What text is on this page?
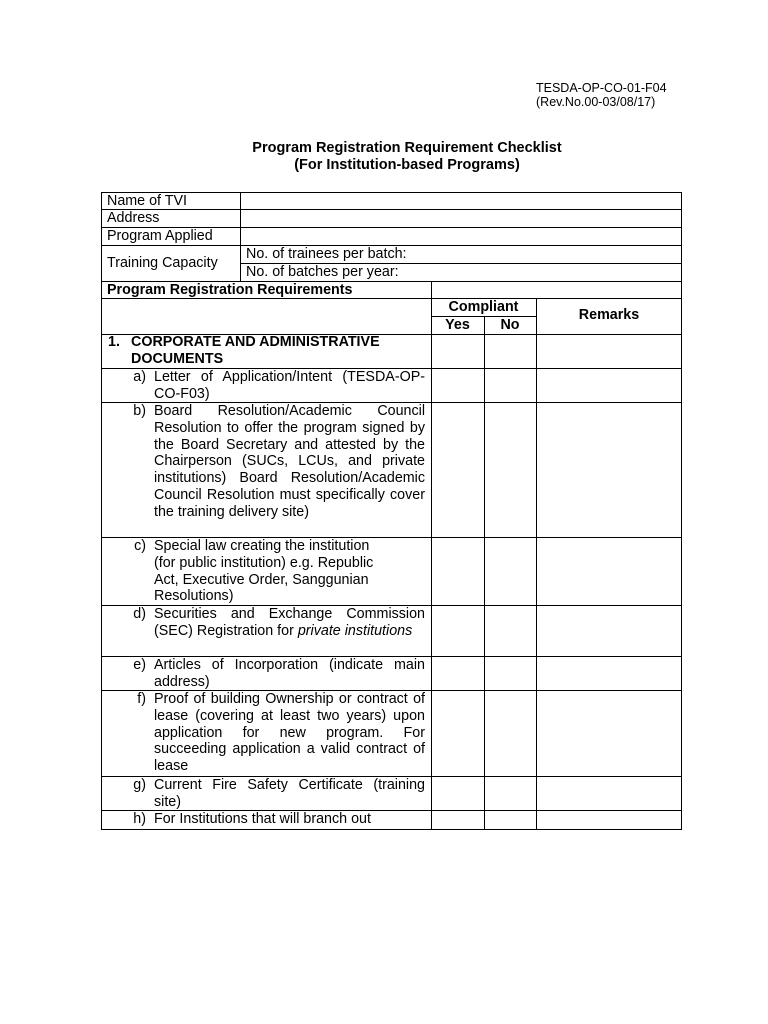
TESDA-OP-CO-01-F04
(Rev.No.00-03/08/17)
Program Registration Requirement Checklist
(For Institution-based Programs)
Name of TVI
Address
Program Applied
Training Capacity
No. of trainees per batch:
No. of batches per year:
Program Registration Requirements
Compliant
Yes	No
Remarks
1. CORPORATE AND ADMINISTRATIVE
DOCUMENTS
a) Letter of Application/Intent (TESDA-OP-CO-F03)
b) Board Resolution/Academic Council Resolution to offer the program signed by the Board Secretary and attested by the Chairperson (SUCs, LCUs, and private institutions) Board Resolution/Academic Council Resolution must specifically cover the training delivery site)
c) Special law creating the institution (for public institution) e.g. Republic Act, Executive Order, Sanggunian Resolutions)
d) Securities and Exchange Commission (SEC) Registration for private institutions
e) Articles of Incorporation (indicate main address)
f) Proof of building Ownership or contract of lease (covering at least two years) upon application for new program. For succeeding application a valid contract of lease
g) Current Fire Safety Certificate (training site)
h) For Institutions that will branch out
